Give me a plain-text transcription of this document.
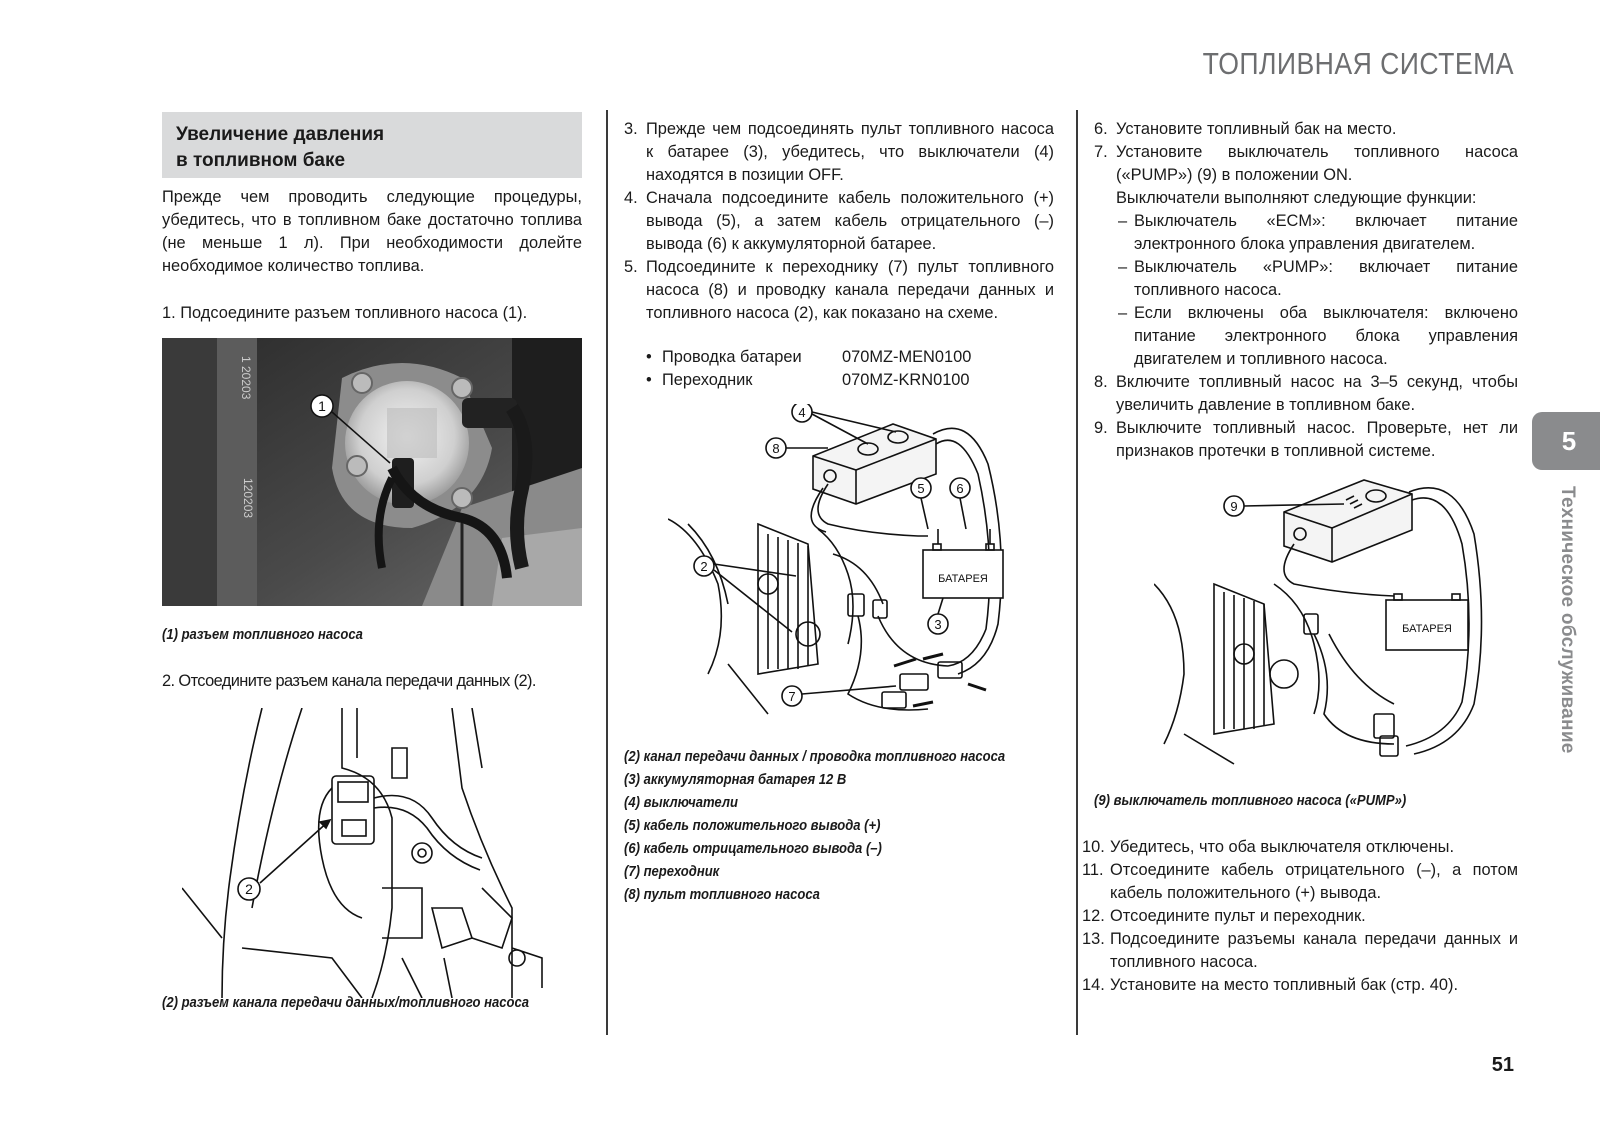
ТОПЛИВНАЯ СИСТЕМА
Увеличение давления
в топливном баке
Прежде чем проводить следующие процедуры, убедитесь, что в топливном баке достаточно топлива (не меньше 1 л). При необходимости долейте необходимое количество топлива.
1. Подсоедините разъем топливного насоса (1).
1 20203
120203
1
(1) разъем топливного насоса
2. Отсоедините разъем канала передачи данных (2).
2
(2) разъем канала передачи данных/топливного насоса
3. Прежде чем подсоединять пульт топливного насоса к батарее (3), убедитесь, что выключатели (4) находятся в позиции OFF.
4. Сначала подсоедините кабель положительного (+) вывода (5), а затем кабель отрицательного (–) вывода (6) к аккумуляторной батарее.
5. Подсоедините к переходнику (7) пульт топливного насоса (8) и проводку канала передачи данных и топливного насоса (2), как показано на схеме.
• Проводка батареи	070MZ-MEN0100
• Переходник	070MZ-KRN0100
БАТАРЕЯ
4
8
5 6
2
3
7
(2) канал передачи данных / проводка топливного насоса
(3) аккумуляторная батарея 12 В
(4) выключатели
(5) кабель положительного вывода (+)
(6) кабель отрицательного вывода (–)
(7) переходник
(8) пульт топливного насоса
6. Установите топливный бак на место.
7. Установите выключатель топливного насоса («PUMP») (9) в положении ON.
Выключатели выполняют следующие функции:
– Выключатель «ECM»: включает питание электронного блока управления двигателем.
– Выключатель «PUMP»: включает питание топливного насоса.
– Если включены оба выключателя: включено питание электронного блока управления двигателем и топливного насоса.
8. Включите топливный насос на 3–5 секунд, чтобы увеличить давление в топливном баке.
9. Выключите топливный насос. Проверьте, нет ли признаков протечки в топливной системе.
БАТАРЕЯ
9
(9) выключатель топливного насоса («PUMP»)
10. Убедитесь, что оба выключателя отключены.
11. Отсоедините кабель отрицательного (–), а потом кабель положительного (+) вывода.
12. Отсоедините пульт и переходник.
13. Подсоедините разъемы канала передачи данных и топливного насоса.
14. Установите на место топливный бак (стр. 40).
5
Техническое обслуживание
51
